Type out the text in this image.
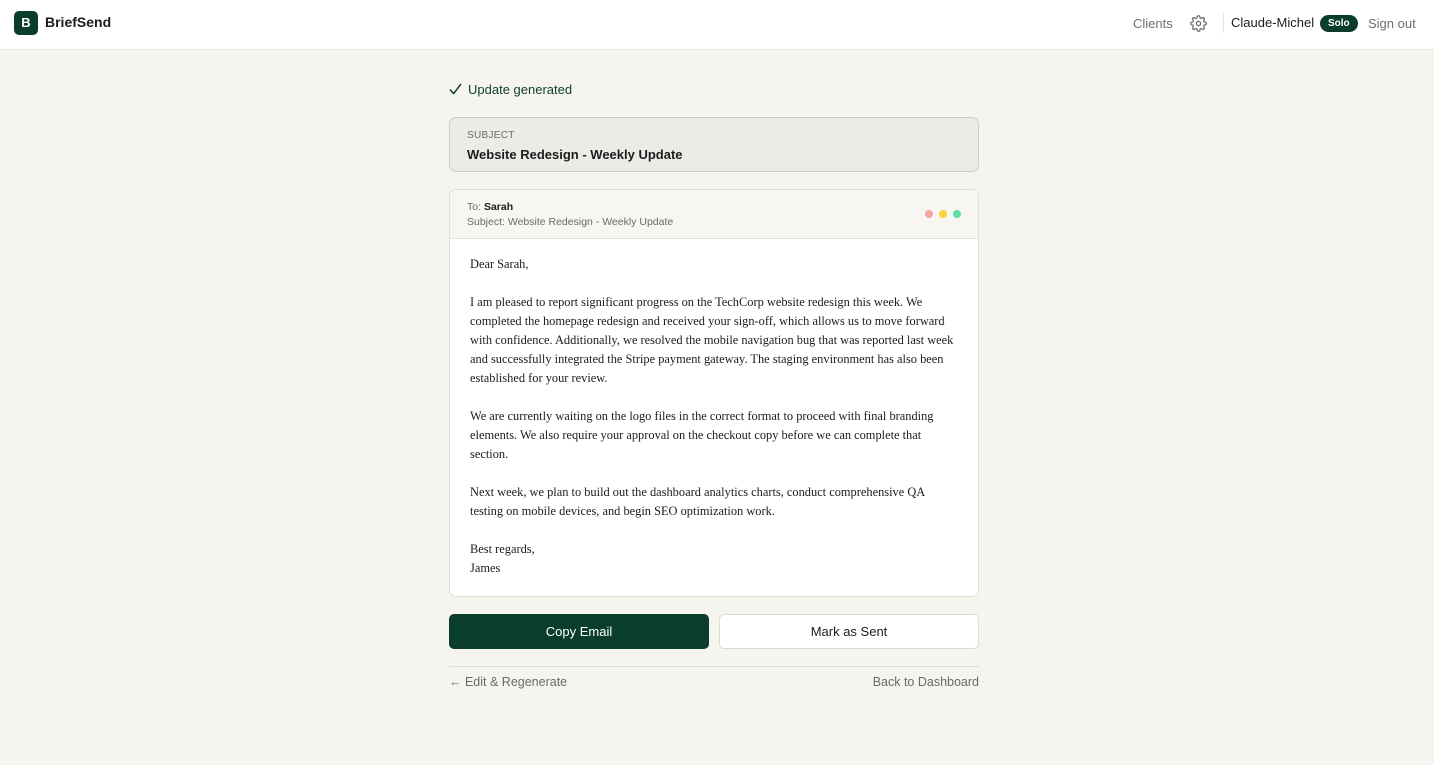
B	BriefSend	Clients	Claude-Michel	Solo	Sign out
Update generated
SUBJECT
Website Redesign - Weekly Update
To: Sarah
Subject: Website Redesign - Weekly Update

Dear Sarah,

I am pleased to report significant progress on the TechCorp website redesign this week. We completed the homepage redesign and received your sign-off, which allows us to move forward with confidence. Additionally, we resolved the mobile navigation bug that was reported last week and successfully integrated the Stripe payment gateway. The staging environment has also been established for your review.

We are currently waiting on the logo files in the correct format to proceed with final branding elements. We also require your approval on the checkout copy before we can complete that section.

Next week, we plan to build out the dashboard analytics charts, conduct comprehensive QA testing on mobile devices, and begin SEO optimization work.

Best regards,
James

Copy Email	Mark as Sent
← Edit & Regenerate	Back to Dashboard
